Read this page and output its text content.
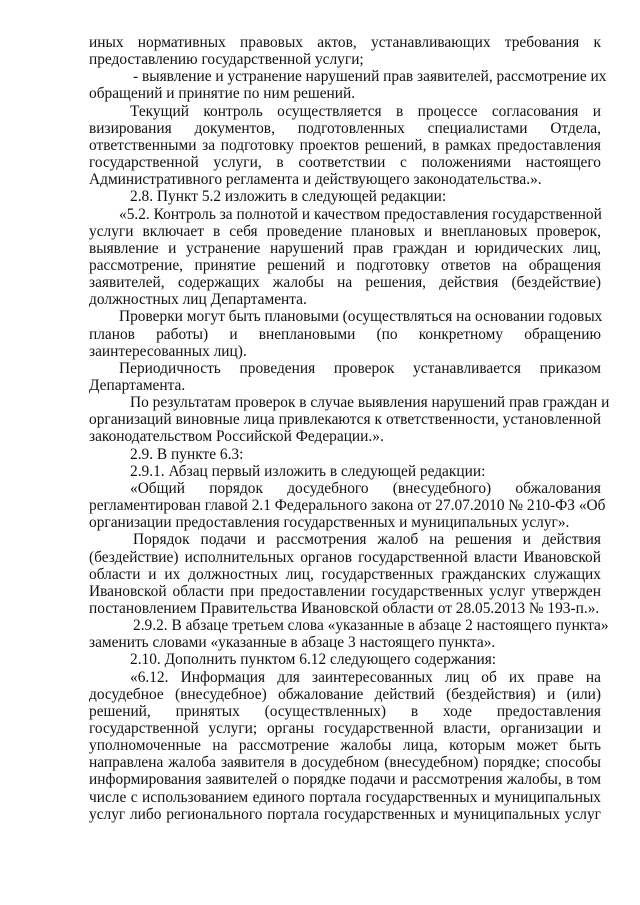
иных нормативных правовых актов, устанавливающих требования к
предоставлению государственной услуги;
- выявление и устранение нарушений прав заявителей, рассмотрение их
обращений и принятие по ним решений.
Текущий контроль осуществляется в процессе согласования и
визирования документов, подготовленных специалистами Отдела,
ответственными за подготовку проектов решений, в рамках предоставления
государственной услуги, в соответствии с положениями настоящего
Административного регламента и действующего законодательства.».
2.8. Пункт 5.2 изложить в следующей редакции:
«5.2. Контроль за полнотой и качеством предоставления государственной
услуги включает в себя проведение плановых и внеплановых проверок,
выявление и устранение нарушений прав граждан и юридических лиц,
рассмотрение, принятие решений и подготовку ответов на обращения
заявителей, содержащих жалобы на решения, действия (бездействие)
должностных лиц Департамента.
Проверки могут быть плановыми (осуществляться на основании годовых
планов работы) и внеплановыми (по конкретному обращению
заинтересованных лиц).
Периодичность проведения проверок устанавливается приказом
Департамента.
По результатам проверок в случае выявления нарушений прав граждан и
организаций виновные лица привлекаются к ответственности, установленной
законодательством Российской Федерации.».
2.9. В пункте 6.3:
2.9.1. Абзац первый изложить в следующей редакции:
«Общий порядок досудебного (внесудебного) обжалования
регламентирован главой 2.1 Федерального закона от 27.07.2010 № 210-ФЗ «Об
организации предоставления государственных и муниципальных услуг».
Порядок подачи и рассмотрения жалоб на решения и действия
(бездействие) исполнительных органов государственной власти Ивановской
области и их должностных лиц, государственных гражданских служащих
Ивановской области при предоставлении государственных услуг утвержден
постановлением Правительства Ивановской области от 28.05.2013 № 193-п.».
2.9.2. В абзаце третьем слова «указанные в абзаце 2 настоящего пункта»
заменить словами «указанные в абзаце 3 настоящего пункта».
2.10. Дополнить пунктом 6.12 следующего содержания:
«6.12. Информация для заинтересованных лиц об их праве на
досудебное (внесудебное) обжалование действий (бездействия) и (или)
решений, принятых (осуществленных) в ходе предоставления
государственной услуги; органы государственной власти, организации и
уполномоченные на рассмотрение жалобы лица, которым может быть
направлена жалоба заявителя в досудебном (внесудебном) порядке; способы
информирования заявителей о порядке подачи и рассмотрения жалобы, в том
числе с использованием единого портала государственных и муниципальных
услуг либо регионального портала государственных и муниципальных услуг
